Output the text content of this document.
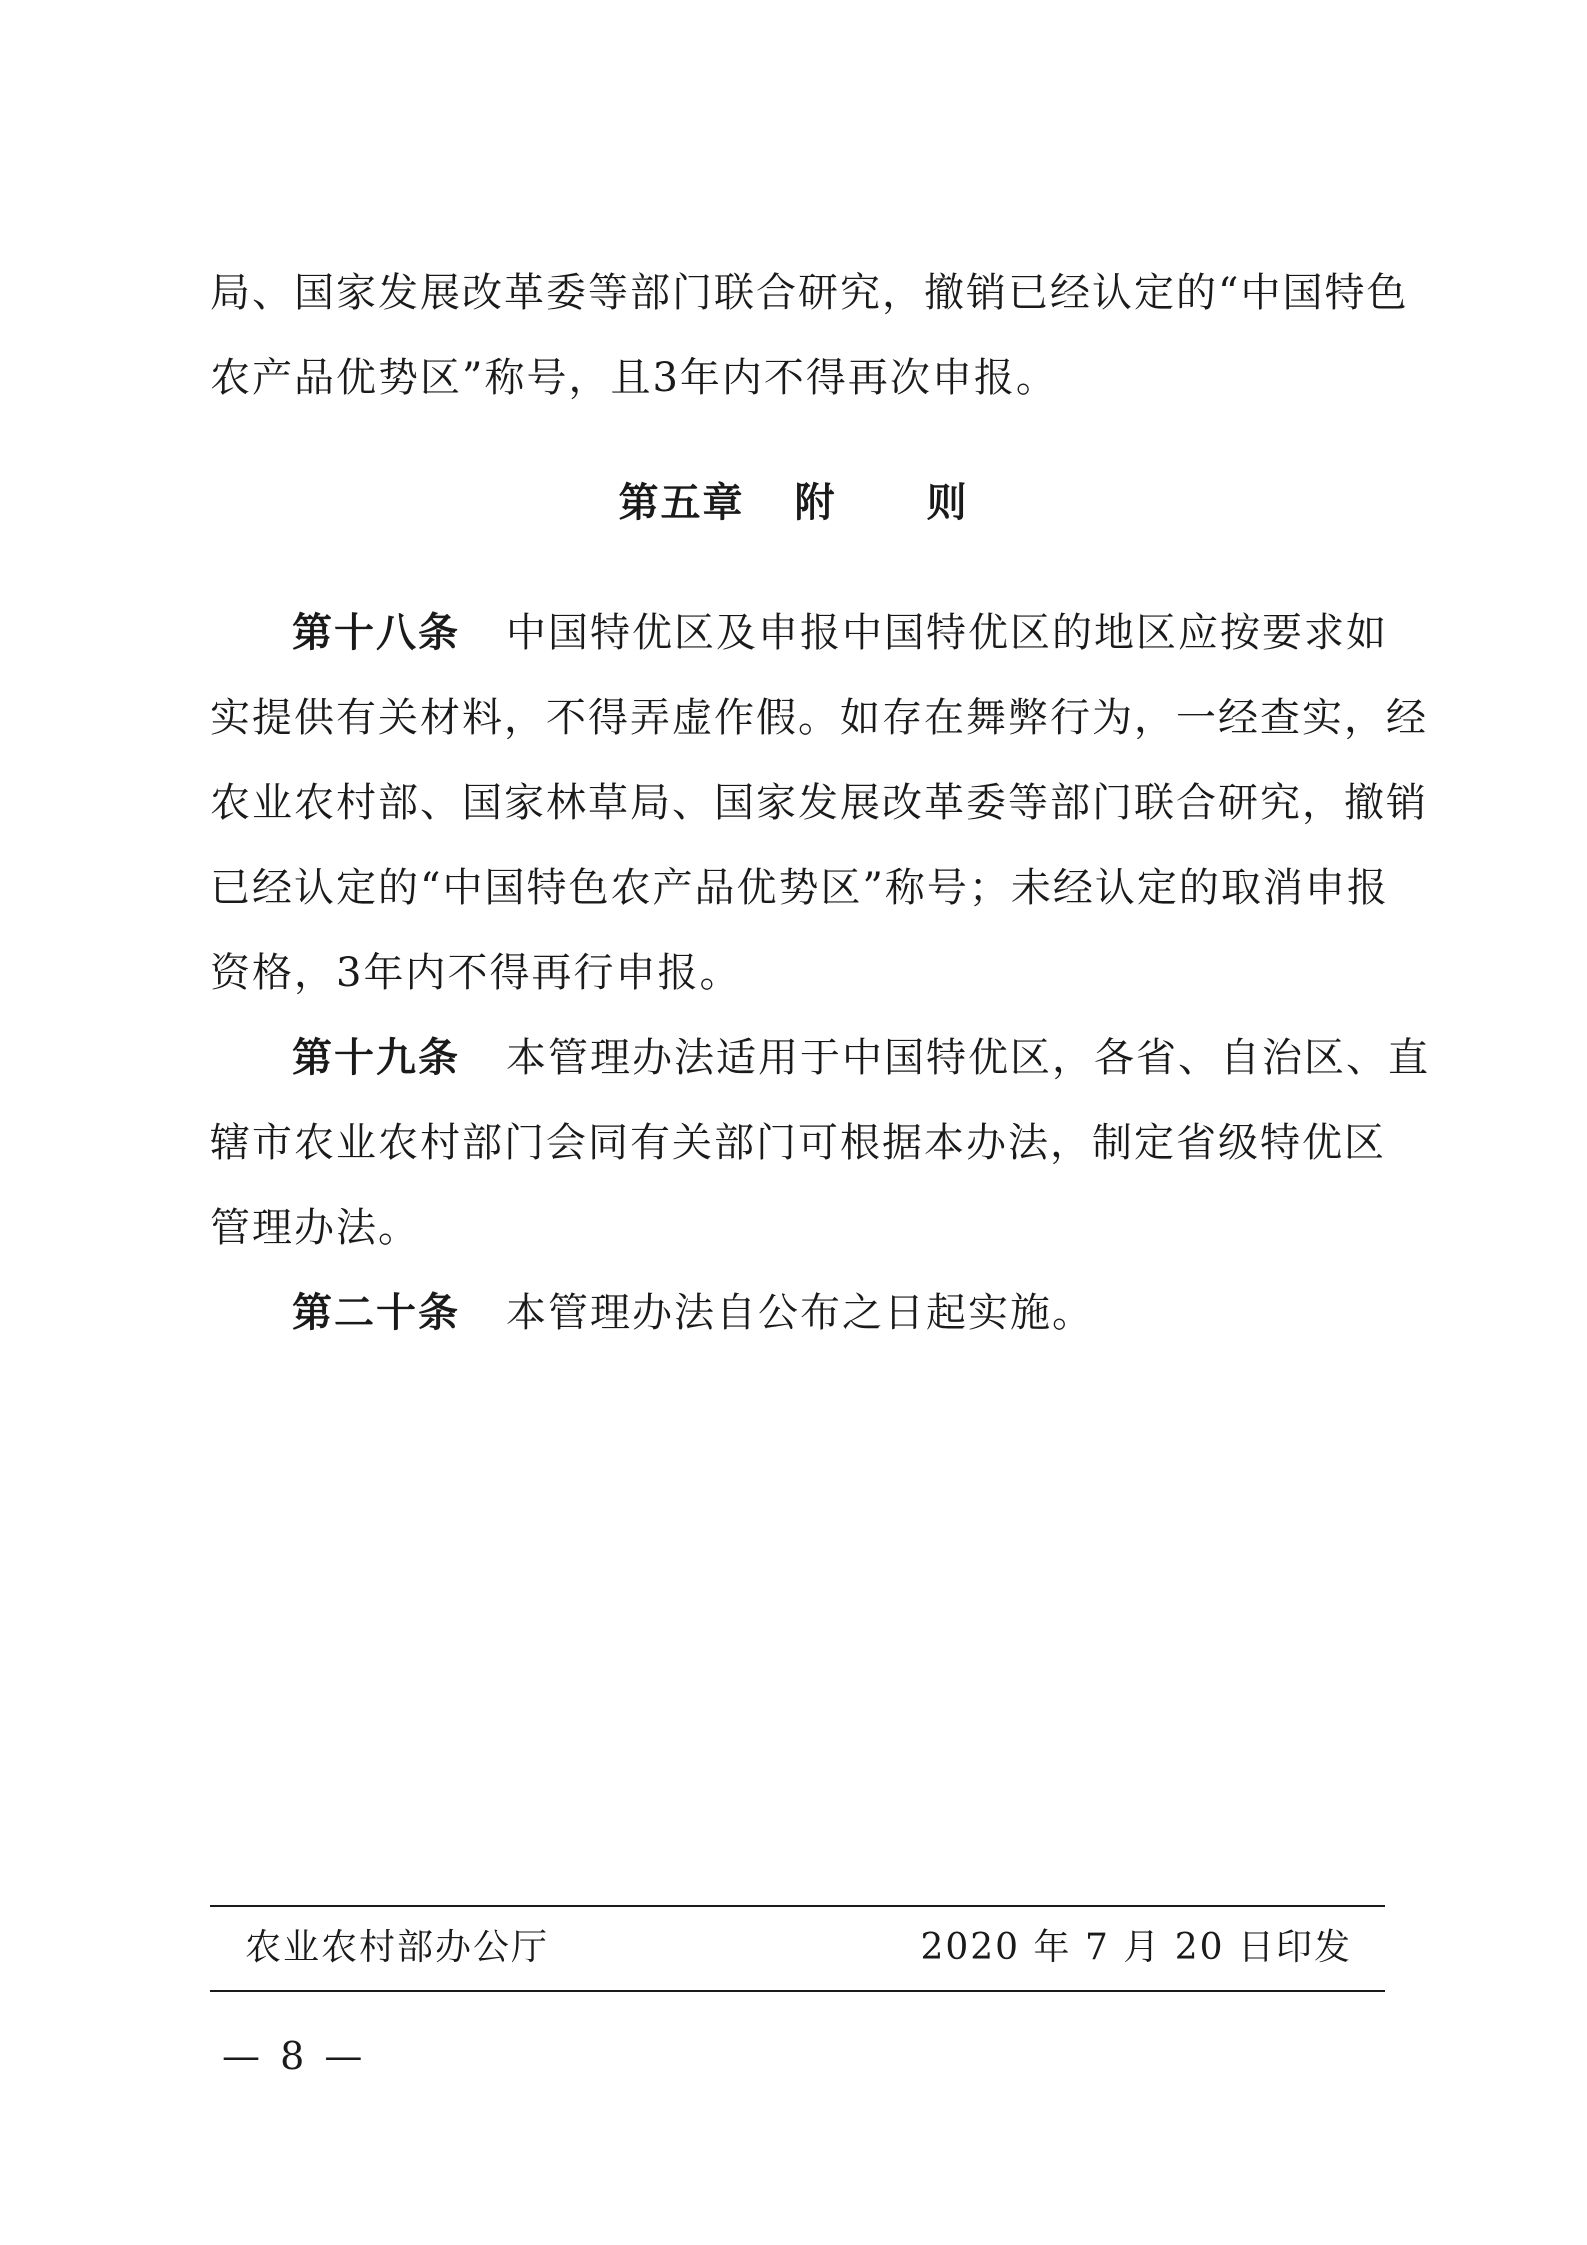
局、国家发展改革委等部门联合研究，撤销已经认定的“中国特色
农产品优势区”称号，且3年内不得再次申报。
第五章 附 则
第十八条 中国特优区及申报中国特优区的地区应按要求如
实提供有关材料，不得弄虚作假。如存在舞弊行为，一经查实，经
农业农村部、国家林草局、国家发展改革委等部门联合研究，撤销
已经认定的“中国特色农产品优势区”称号；未经认定的取消申报
资格，3年内不得再行申报。
第十九条 本管理办法适用于中国特优区，各省、自治区、直
辖市农业农村部门会同有关部门可根据本办法，制定省级特优区
管理办法。
第二十条 本管理办法自公布之日起实施。
农业农村部办公厅	2020 年 7 月 20 日印发
— 8 —
